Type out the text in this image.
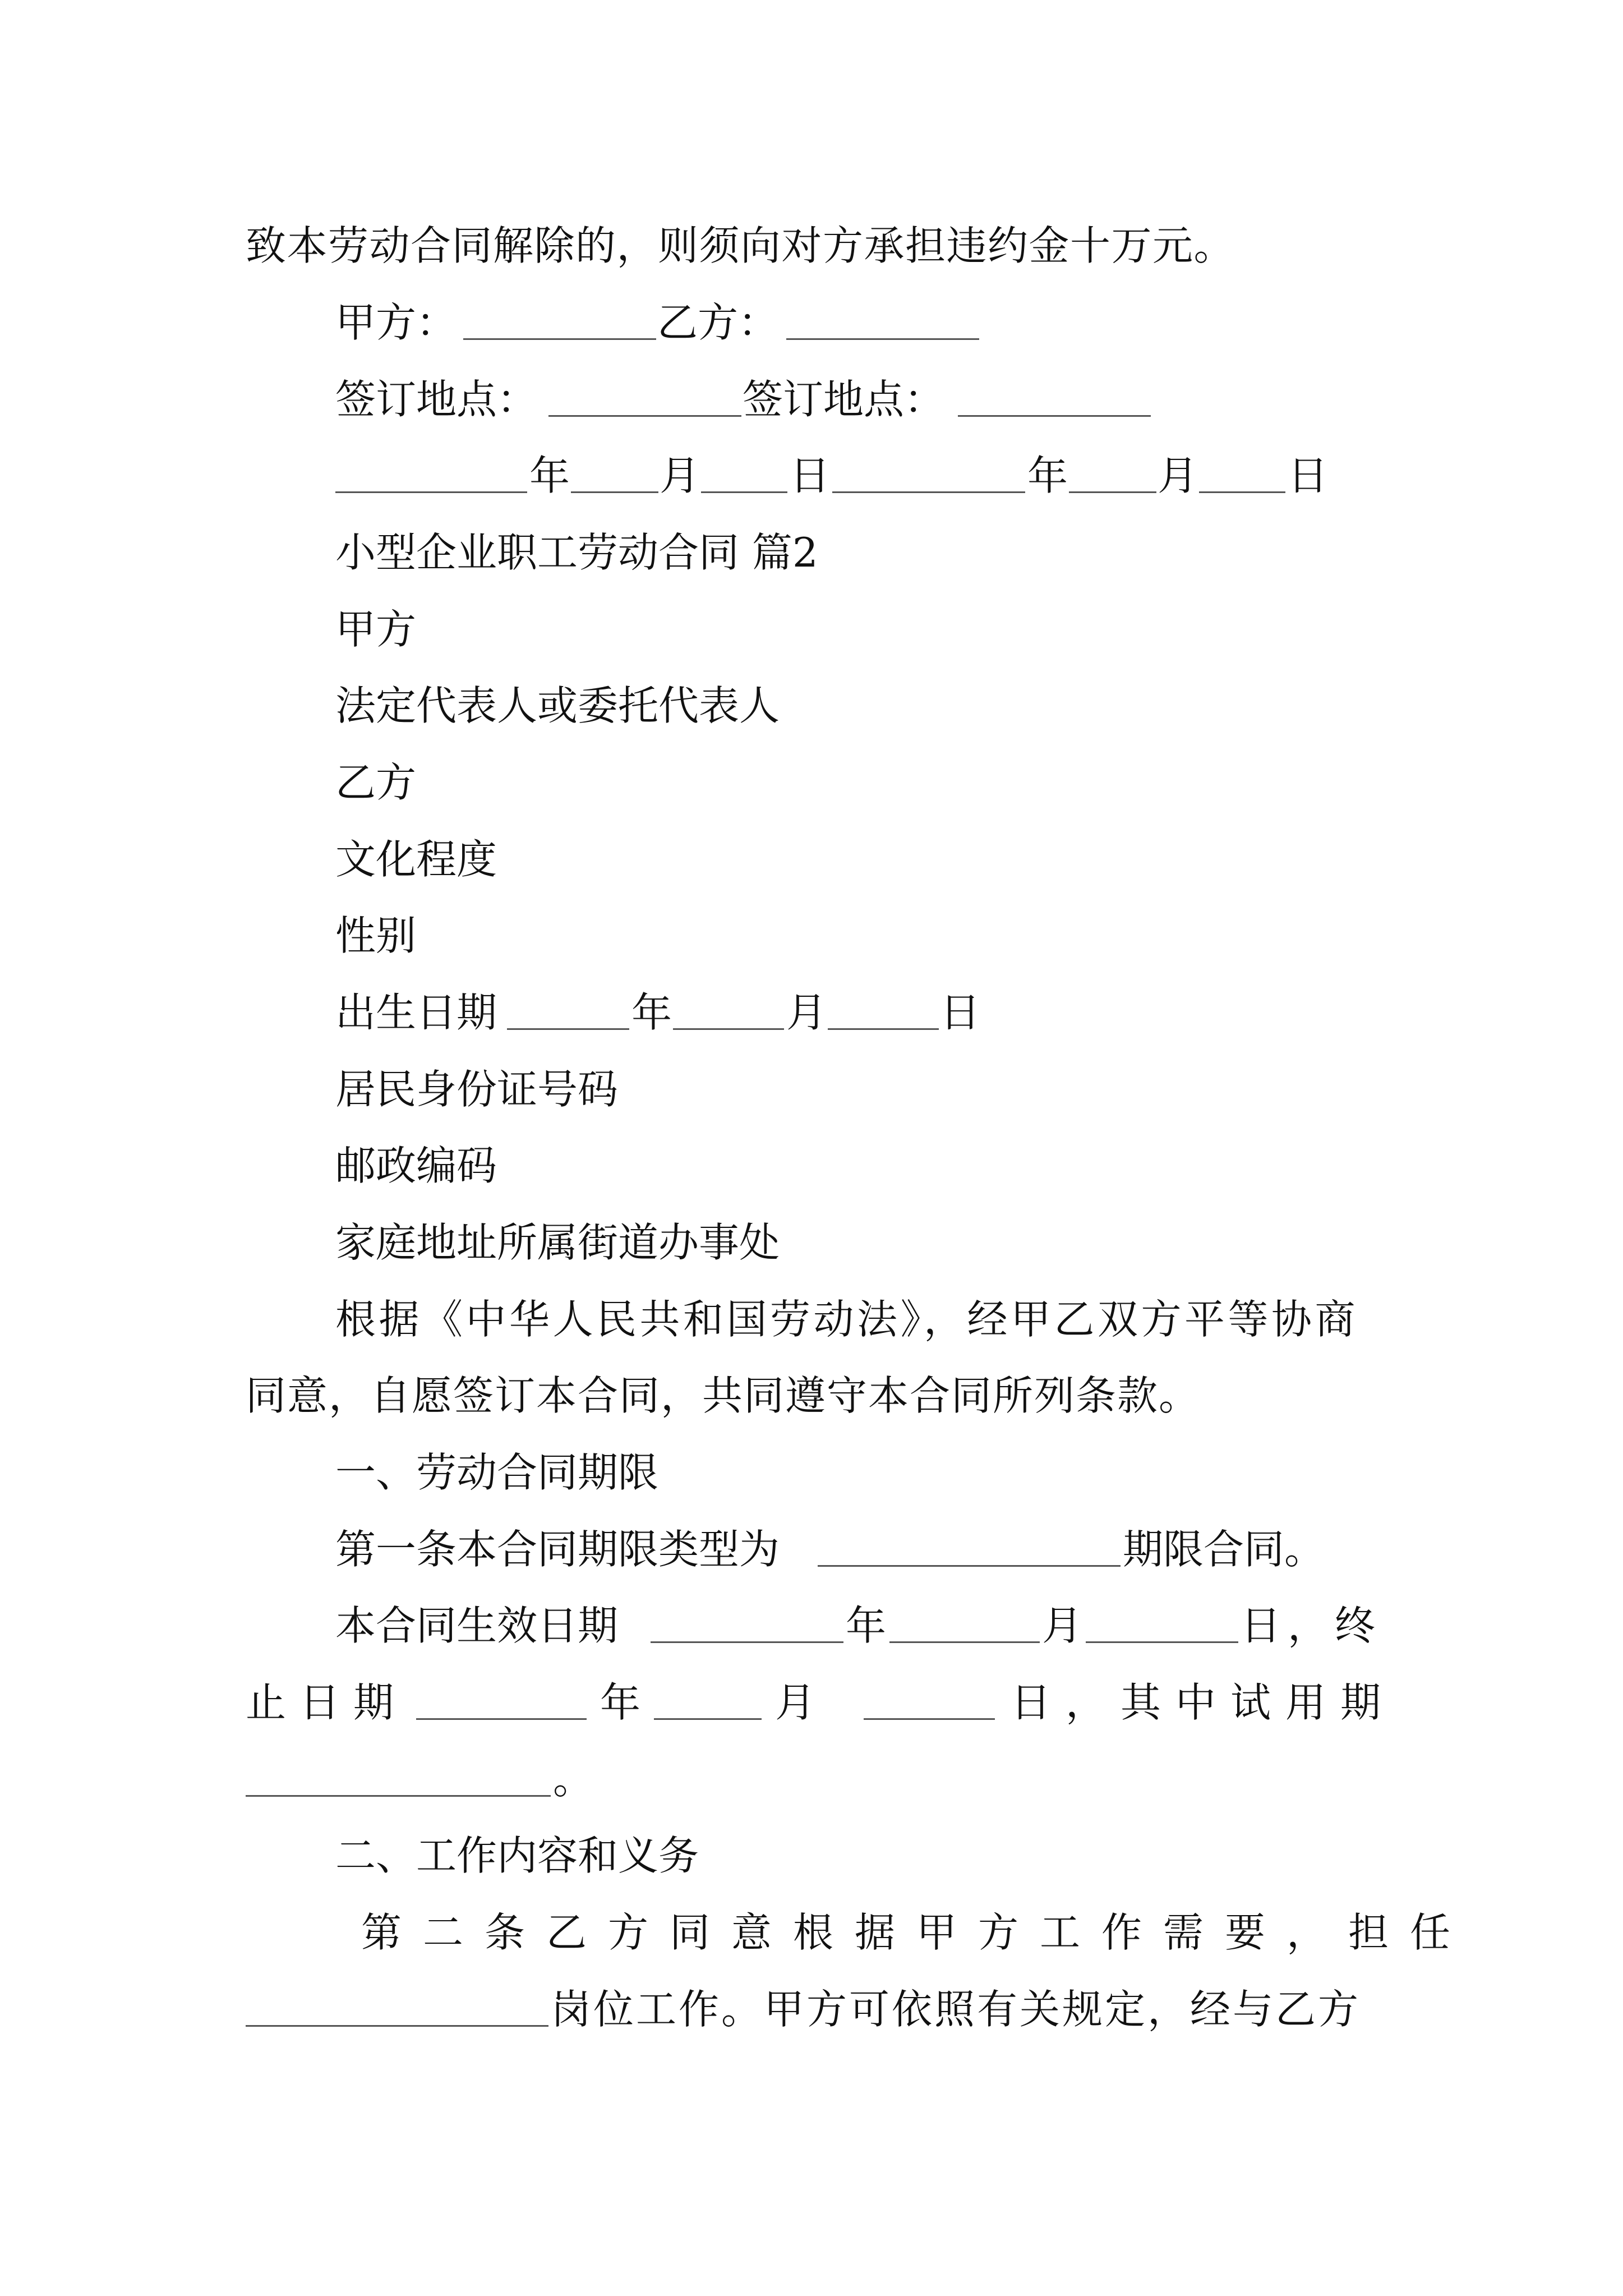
致本劳动合同解除的，则须向对方承担违约金十万元。
甲方：	乙方：
签订地点：	签订地点：
年 月 日	年 月 日
小型企业职工劳动合同 篇2
甲方
法定代表人或委托代表人
乙方
文化程度
性别
出生日期	年	月	日
居民身份证号码
邮政编码
家庭地址所属街道办事处
根据《中华人民共和国劳动法》，经甲乙双方平等协商
同意，自愿签订本合同，共同遵守本合同所列条款。
一、劳动合同期限
第一条本合同期限类型为	期限合同。
本合同生效日期	年	月	日，终
止日期	年	月	日，其中试用期
。
二、工作内容和义务
第二条乙方同意根据甲方工作需要，担任
岗位工作。甲方可依照有关规定，经与乙方
